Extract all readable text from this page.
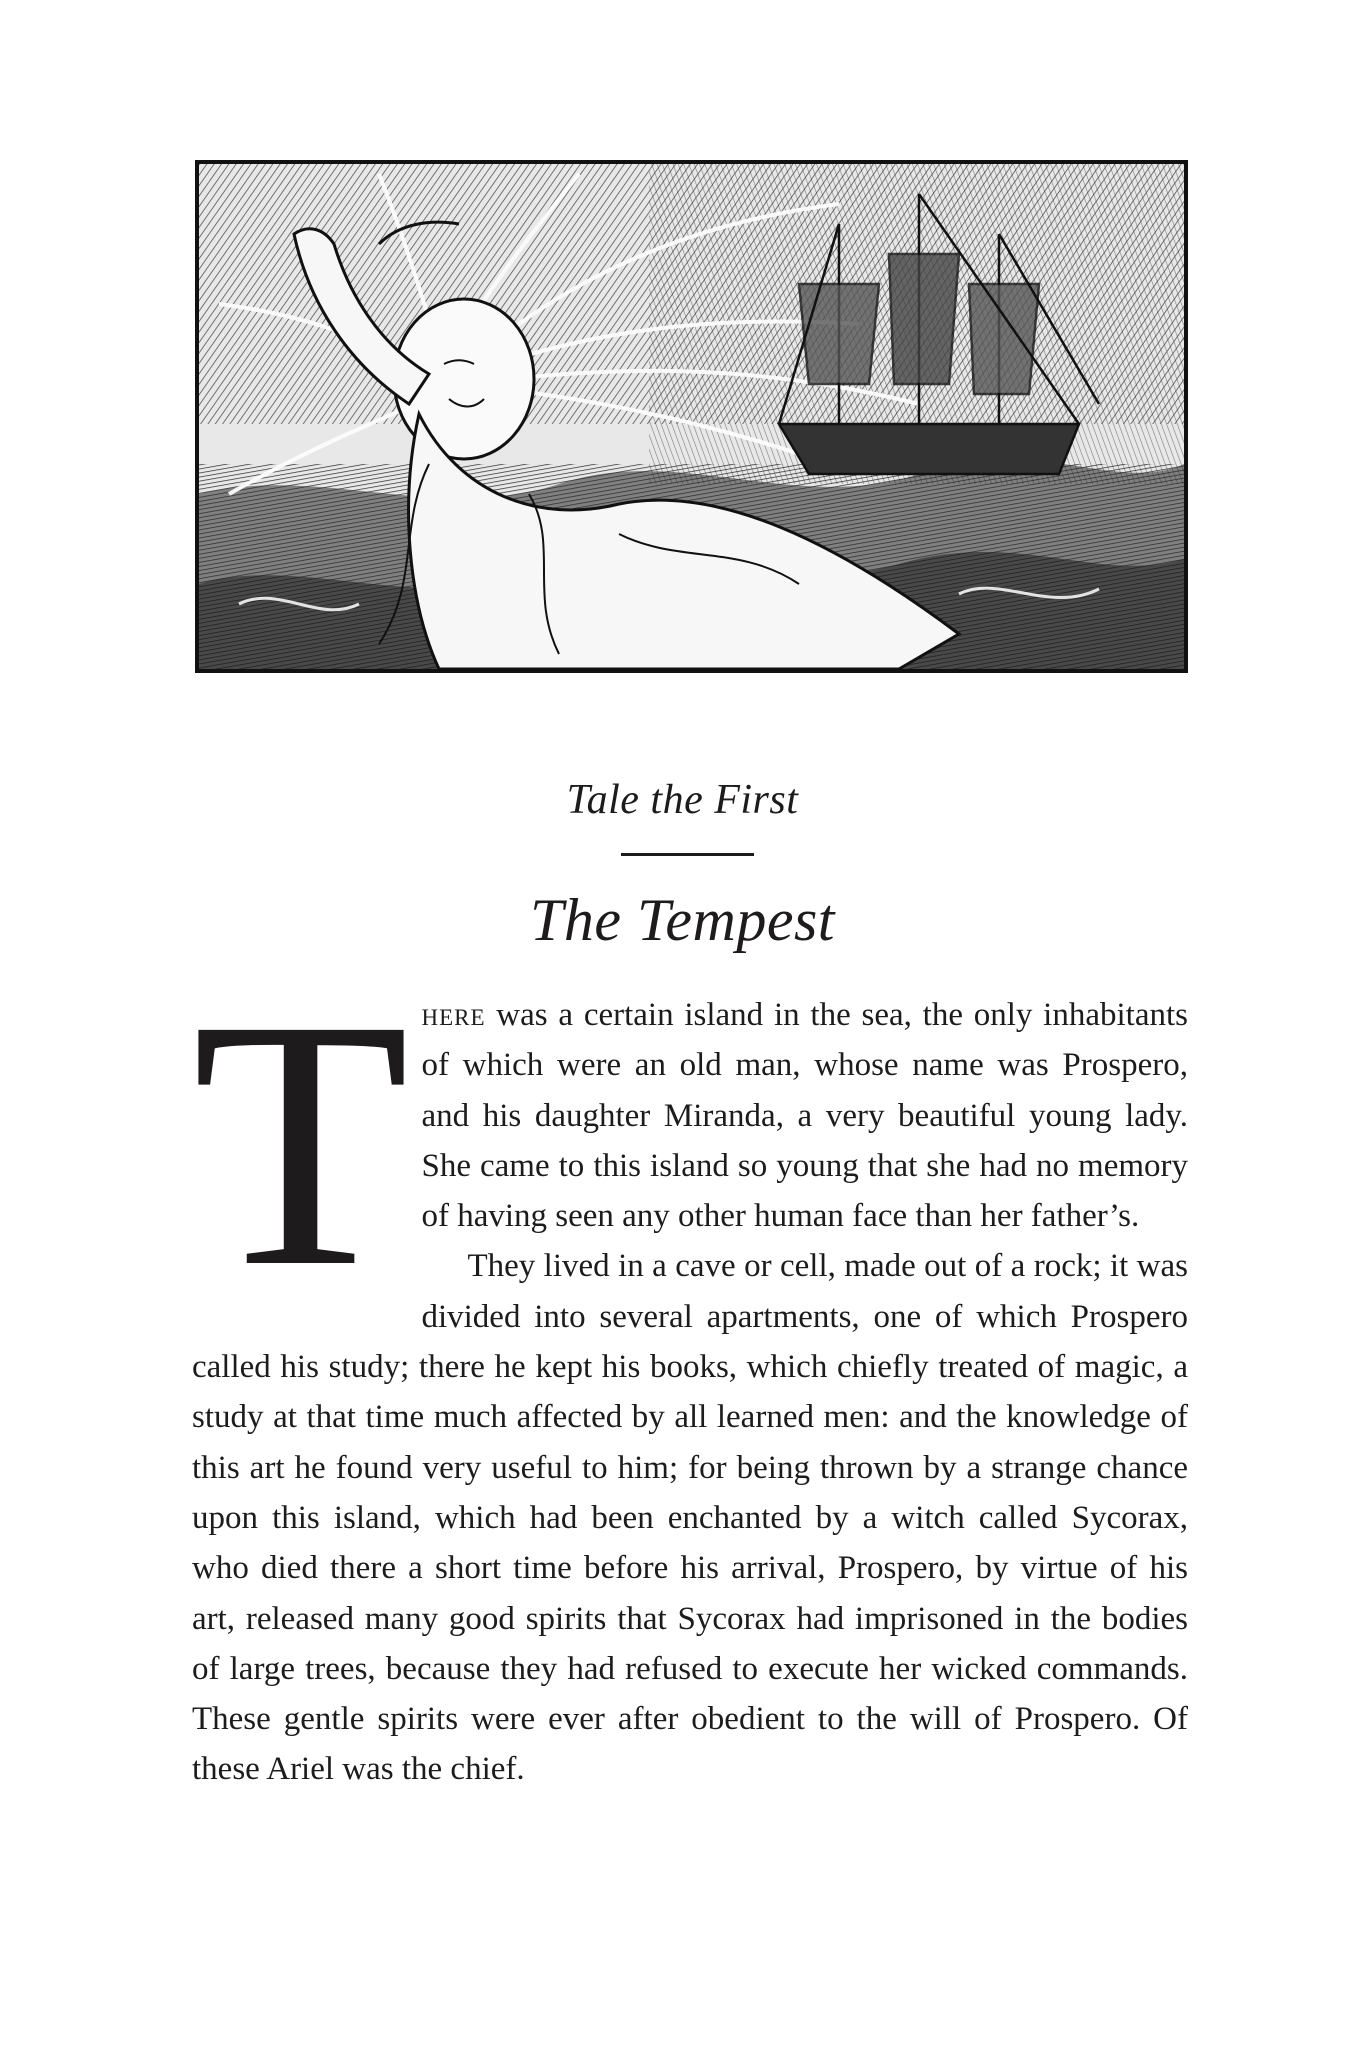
Tale the First
The Tempest
T here was a certain island in the sea, the only inhabitants of which were an old man, whose name was Prospero, and his daughter Miranda, a very beautiful young lady. She came to this island so young that she had no memory of having seen any other human face than her father’s.

They lived in a cave or cell, made out of a rock; it was divided into several apartments, one of which Prospero called his study; there he kept his books, which chiefly treated of magic, a study at that time much affected by all learned men: and the knowledge of this art he found very useful to him; for being thrown by a strange chance upon this island, which had been enchanted by a witch called Sycorax, who died there a short time before his arrival, Prospero, by virtue of his art, released many good spirits that Sycorax had imprisoned in the bodies of large trees, because they had refused to execute her wicked commands. These gentle spirits were ever after obedient to the will of Prospero. Of these Ariel was the chief.
